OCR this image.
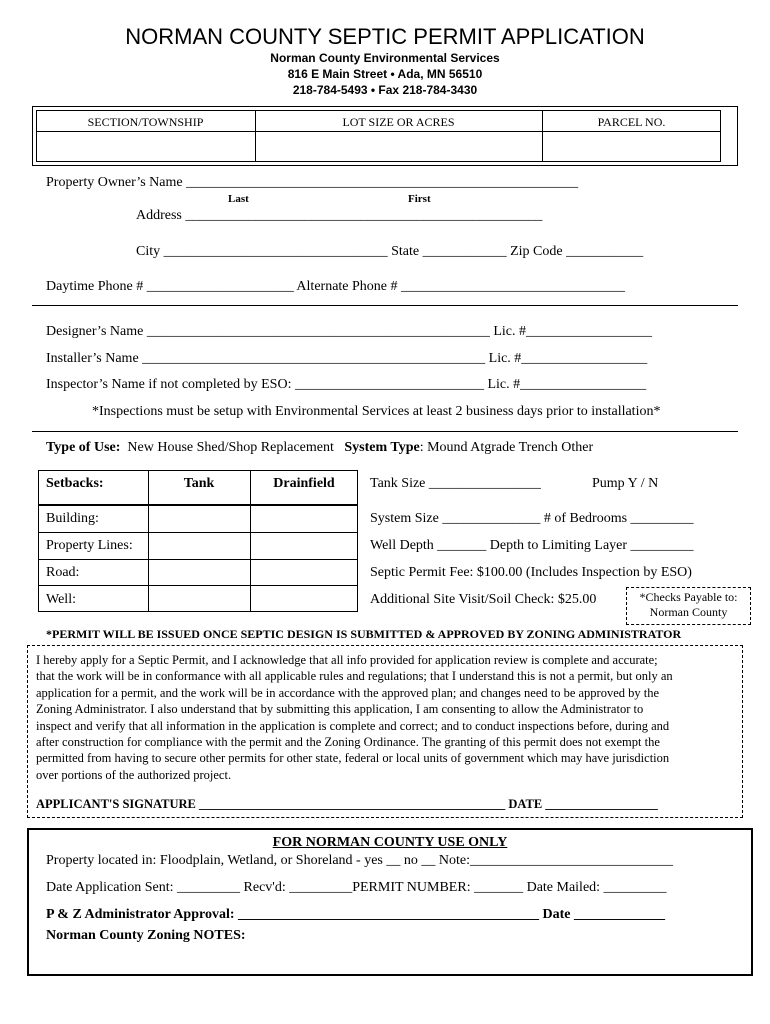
NORMAN COUNTY SEPTIC PERMIT APPLICATION
Norman County Environmental Services
816 E Main Street • Ada, MN 56510
218-784-5493 • Fax 218-784-3430
SECTION/TOWNSHIP	LOT SIZE OR ACRES	PARCEL NO.
Property Owner’s Name ________________________________________________________
Last	First
Address ___________________________________________________
City ________________________________ State ____________ Zip Code ___________
Daytime Phone # _____________________ Alternate Phone # ________________________________
Designer’s Name _________________________________________________ Lic. #__________________
Installer’s Name _________________________________________________ Lic. #__________________
Inspector’s Name if not completed by ESO: ___________________________ Lic. #__________________
*Inspections must be setup with Environmental Services at least 2 business days prior to installation*
Type of Use: New House Shed/Shop Replacement System Type: Mound Atgrade Trench Other
Setbacks:	Tank	Drainfield
Building:
Property Lines:
Road:
Well:
Tank Size ________________	Pump Y / N
System Size ______________ # of Bedrooms _________
Well Depth _______ Depth to Limiting Layer _________
Septic Permit Fee: $100.00 (Includes Inspection by ESO)
Additional Site Visit/Soil Check: $25.00	*Checks Payable to:
Norman County
*PERMIT WILL BE ISSUED ONCE SEPTIC DESIGN IS SUBMITTED & APPROVED BY ZONING ADMINISTRATOR
I hereby apply for a Septic Permit, and I acknowledge that all info provided for application review is complete and accurate;
that the work will be in conformance with all applicable rules and regulations; that I understand this is not a permit, but only an
application for a permit, and the work will be in accordance with the approved plan; and changes need to be approved by the
Zoning Administrator. I also understand that by submitting this application, I am consenting to allow the Administrator to
inspect and verify that all information in the application is complete and correct; and to conduct inspections before, during and
after construction for compliance with the permit and the Zoning Ordinance. The granting of this permit does not exempt the
permitted from having to secure other permits for other state, federal or local units of government which may have jurisdiction
over portions of the authorized project.
APPLICANT'S SIGNATURE _________________________________________________ DATE __________________
FOR NORMAN COUNTY USE ONLY
Property located in: Floodplain, Wetland, or Shoreland - yes __ no __ Note:_____________________________
Date Application Sent: _________ Recv'd: _________PERMIT NUMBER: _______ Date Mailed: _________
P & Z Administrator Approval: ___________________________________________ Date _____________
Norman County Zoning NOTES:
